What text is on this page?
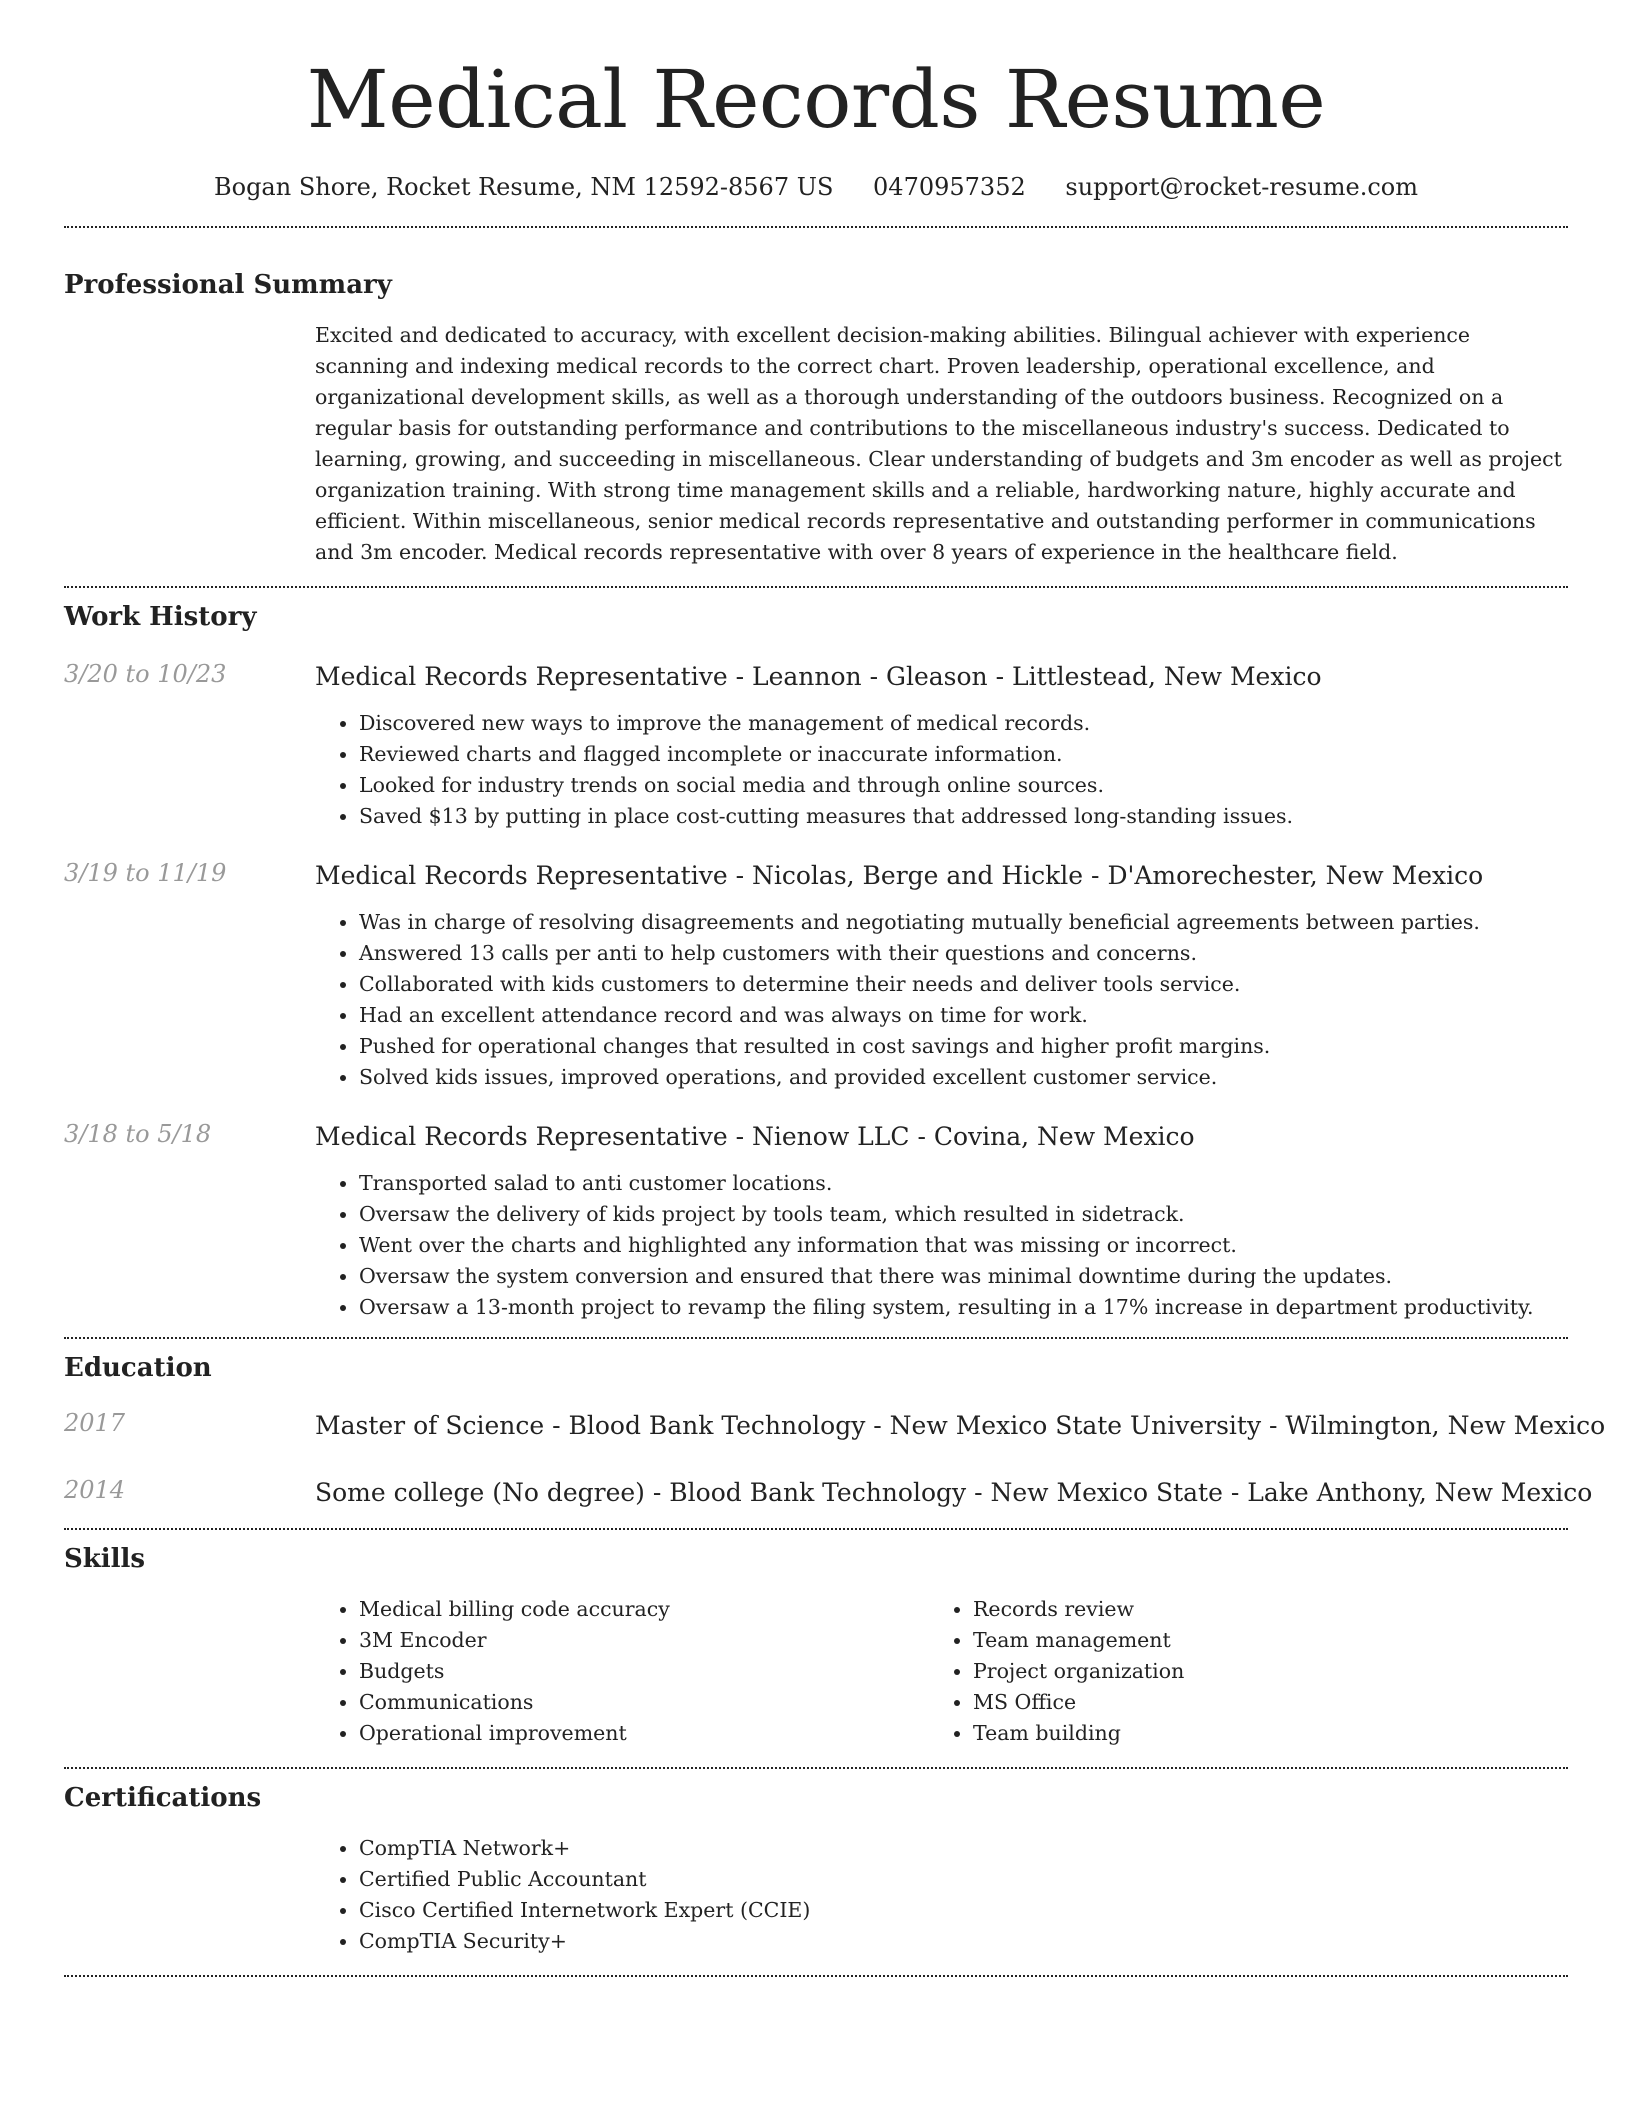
Medical Records Resume
Bogan Shore, Rocket Resume, NM 12592-8567 US 0470957352 support@rocket-resume.com
Professional Summary

Excited and dedicated to accuracy, with excellent decision-making abilities. Bilingual achiever with experience scanning and indexing medical records to the correct chart. Proven leadership, operational excellence, and organizational development skills, as well as a thorough understanding of the outdoors business. Recognized on a regular basis for outstanding performance and contributions to the miscellaneous industry's success. Dedicated to learning, growing, and succeeding in miscellaneous. Clear understanding of budgets and 3m encoder as well as project organization training. With strong time management skills and a reliable, hardworking nature, highly accurate and efficient. Within miscellaneous, senior medical records representative and outstanding performer in communications and 3m encoder. Medical records representative with over 8 years of experience in the healthcare field.

Work History
3/20 to 10/23	Medical Records Representative - Leannon - Gleason - Littlestead, New Mexico

• Discovered new ways to improve the management of medical records.
• Reviewed charts and flagged incomplete or inaccurate information.
• Looked for industry trends on social media and through online sources.
• Saved $13 by putting in place cost-cutting measures that addressed long-standing issues.
3/19 to 11/19	Medical Records Representative - Nicolas, Berge and Hickle - D'Amorechester, New Mexico

• Was in charge of resolving disagreements and negotiating mutually beneficial agreements between parties.
• Answered 13 calls per anti to help customers with their questions and concerns.
• Collaborated with kids customers to determine their needs and deliver tools service.
• Had an excellent attendance record and was always on time for work.
• Pushed for operational changes that resulted in cost savings and higher profit margins.
• Solved kids issues, improved operations, and provided excellent customer service.
3/18 to 5/18	Medical Records Representative - Nienow LLC - Covina, New Mexico

• Transported salad to anti customer locations.
• Oversaw the delivery of kids project by tools team, which resulted in sidetrack.
• Went over the charts and highlighted any information that was missing or incorrect.
• Oversaw the system conversion and ensured that there was minimal downtime during the updates.
• Oversaw a 13-month project to revamp the filing system, resulting in a 17% increase in department productivity.
Education
2017	Master of Science - Blood Bank Technology - New Mexico State University - Wilmington, New Mexico

2014	Some college (No degree) - Blood Bank Technology - New Mexico State - Lake Anthony, New Mexico

Skills
• Medical billing code accuracy
• 3M Encoder
• Budgets
• Communications
• Operational improvement
• Records review
• Team management
• Project organization
• MS Office
• Team building
Certifications
• CompTIA Network+
• Certified Public Accountant
• Cisco Certified Internetwork Expert (CCIE)
• CompTIA Security+
